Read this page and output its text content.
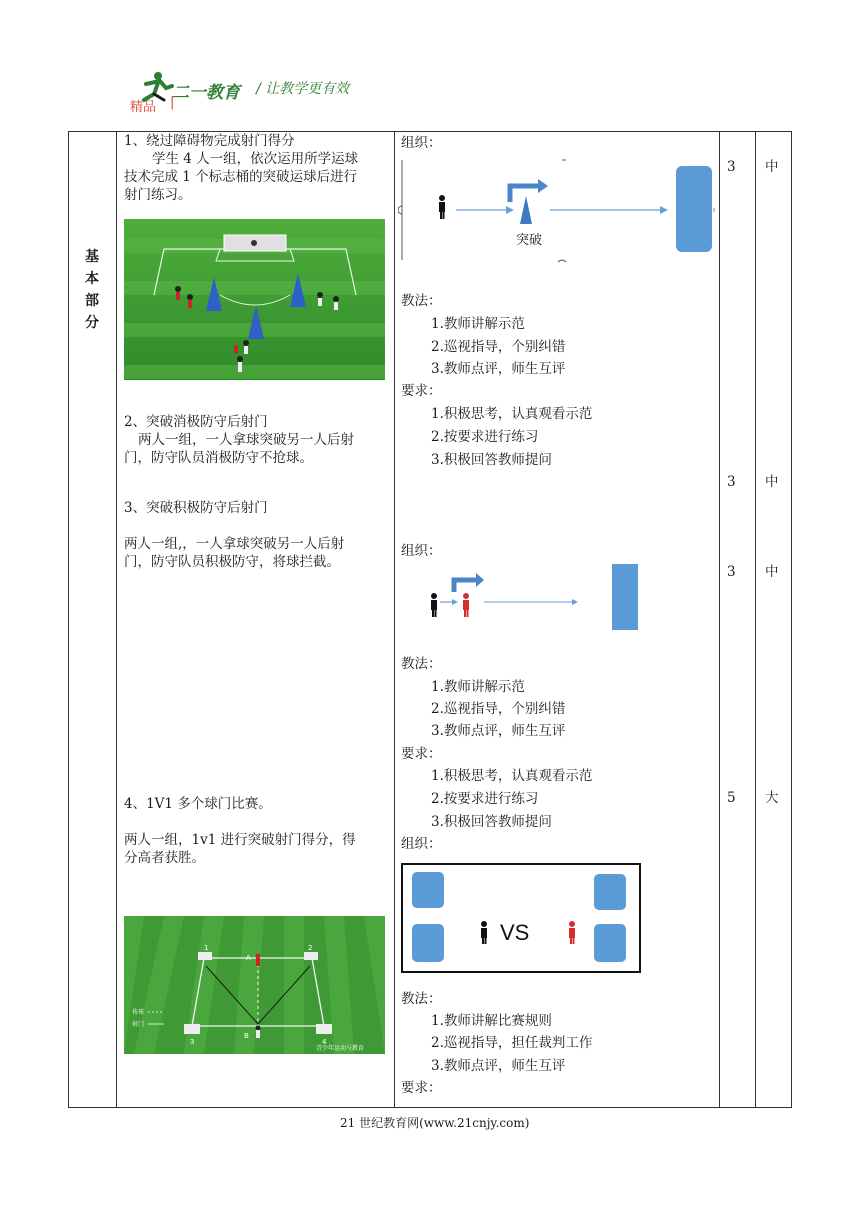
二一教育 / 让教学更有效
精品 |
基
本
部
分
1、绕过障碍物完成射门得分
学生 4 人一组，依次运用所学运球
技术完成 1 个标志桶的突破运球后进行
射门练习。
2、突破消极防守后射门
两人一组，一人拿球突破另一人后射
门，防守队员消极防守不抢球。
3、突破积极防守后射门
两人一组,，一人拿球突破另一人后射
门，防守队员积极防守，将球拦截。
4、1V1 多个球门比赛。
两人一组，1v1 进行突破射门得分，得
分高者获胜。
1	2
3	4
A
B
传球
射门
青少年运动与教育
组织：
突破
教法：
1.教师讲解示范
2.巡视指导，个别纠错
3.教师点评，师生互评
要求：
1.积极思考，认真观看示范
2.按要求进行练习
3.积极回答教师提问
组织：
教法：
1.教师讲解示范
2.巡视指导，个别纠错
3.教师点评，师生互评
要求：
1.积极思考，认真观看示范
2.按要求进行练习
3.积极回答教师提问
组织：
VS
教法：
1.教师讲解比赛规则
2.巡视指导，担任裁判工作
3.教师点评，师生互评
要求：
3
3
3
5
中
中
中
大
21 世纪教育网(www.21cnjy.com)
